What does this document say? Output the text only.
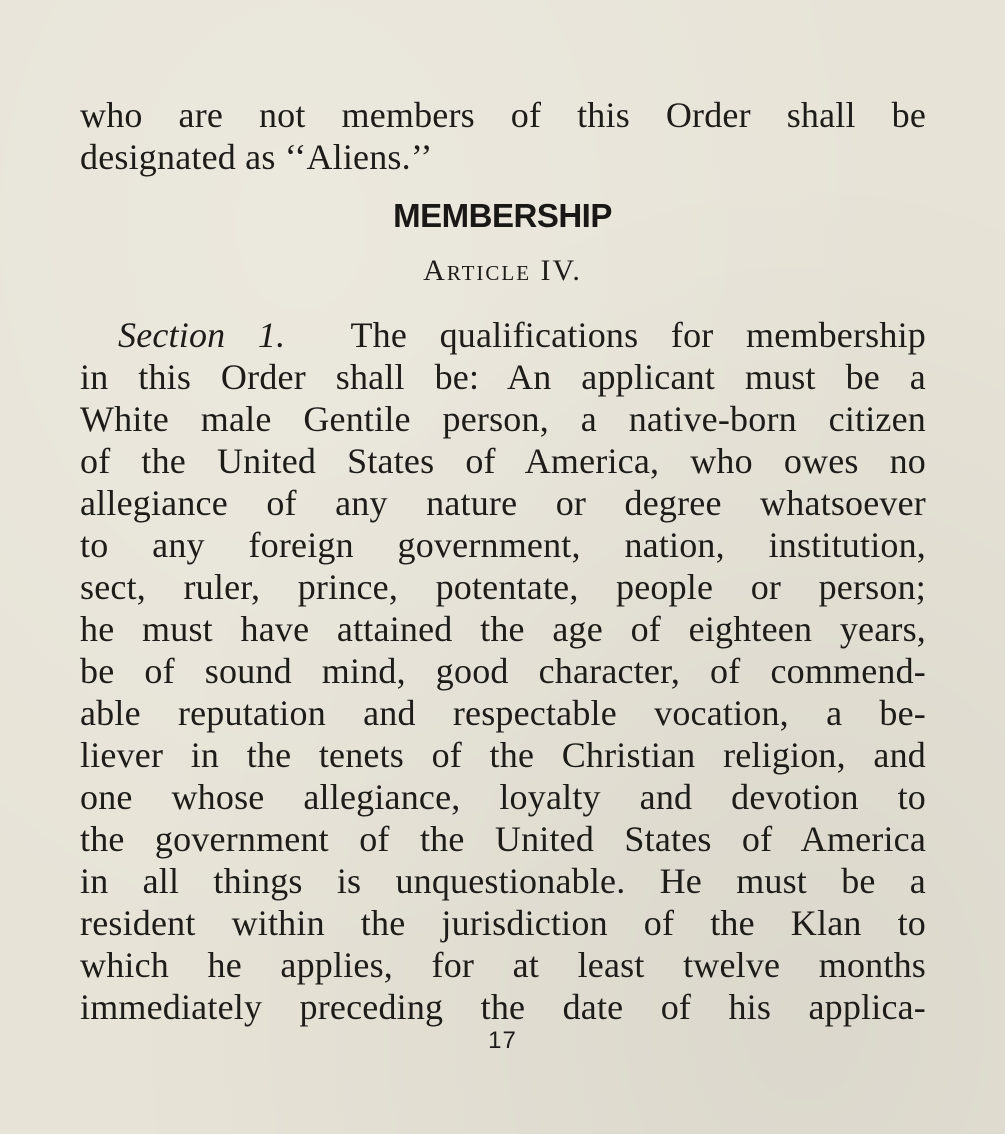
who are not members of this Order shall be
designated as ‘‘Aliens.’’
MEMBERSHIP
Article IV.
Section 1. The qualifications for membership
in this Order shall be: An applicant must be a
White male Gentile person, a native-born citizen
of the United States of America, who owes no
allegiance of any nature or degree whatsoever
to any foreign government, nation, institution,
sect, ruler, prince, potentate, people or person;
he must have attained the age of eighteen years,
be of sound mind, good character, of commend-
able reputation and respectable vocation, a be-
liever in the tenets of the Christian religion, and
one whose allegiance, loyalty and devotion to
the government of the United States of America
in all things is unquestionable. He must be a
resident within the jurisdiction of the Klan to
which he applies, for at least twelve months
immediately preceding the date of his applica-
17
